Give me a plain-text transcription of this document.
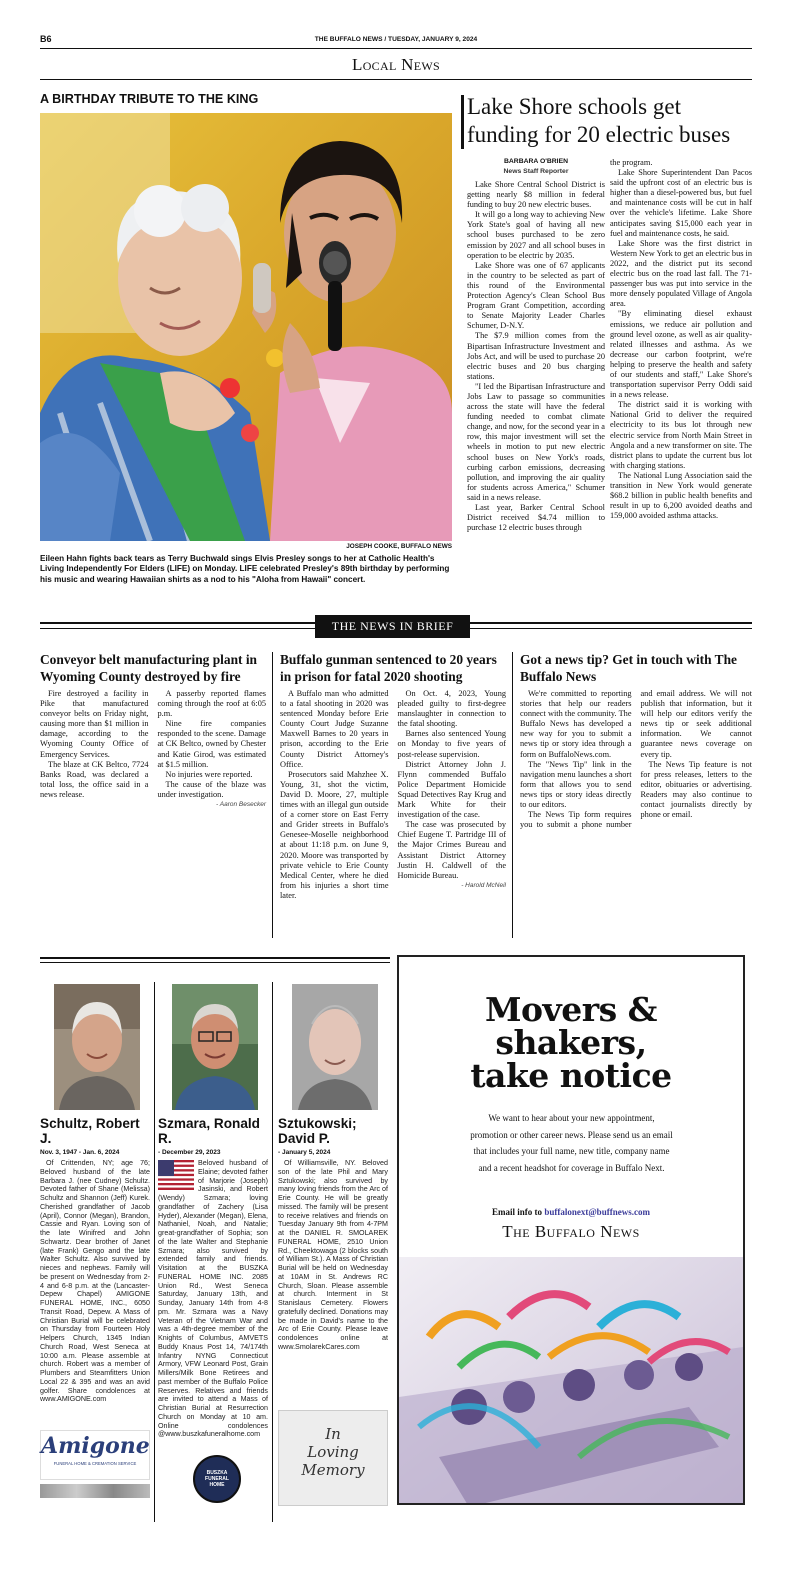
B6	THE BUFFALO NEWS / TUESDAY, JANUARY 9, 2024
Local News
A BIRTHDAY TRIBUTE TO THE KING
JOSEPH COOKE, BUFFALO NEWS
Eileen Hahn fights back tears as Terry Buchwald sings Elvis Presley songs to her at Catholic Health's Living Independently For Elders (LIFE) on Monday. LIFE celebrated Presley's 89th birthday by performing his music and wearing Hawaiian shirts as a nod to his "Aloha from Hawaii" concert.
Lake Shore schools get funding for 20 electric buses
BARBARA O'BRIEN
News Staff Reporter

Lake Shore Central School District is getting nearly $8 million in federal funding to buy 20 new electric buses.

It will go a long way to achieving New York State's goal of having all new school buses purchased to be zero emission by 2027 and all school buses in operation to be electric by 2035.

Lake Shore was one of 67 applicants in the country to be selected as part of this round of the Environmental Protection Agency's Clean School Bus Program Grant Competition, according to Senate Majority Leader Charles Schumer, D-N.Y.

The $7.9 million comes from the Bipartisan Infrastructure Investment and Jobs Act, and will be used to purchase 20 electric buses and 20 bus charging stations.

"I led the Bipartisan Infrastructure and Jobs Law to passage so communities across the state will have the federal funding needed to combat climate change, and now, for the second year in a row, this major investment will set the wheels in motion to put new electric school buses on New York's roads, curbing carbon emissions, decreasing pollution, and improving the air quality for students across America," Schumer said in a news release.

Last year, Barker Central School District received $4.74 million to purchase 12 electric buses through

the program.

Lake Shore Superintendent Dan Pacos said the upfront cost of an electric bus is higher than a diesel-powered bus, but fuel and maintenance costs will be cut in half over the vehicle's lifetime. Lake Shore anticipates saving $15,000 each year in fuel and maintenance costs, he said.

Lake Shore was the first district in Western New York to get an electric bus in 2022, and the district put its second electric bus on the road last fall. The 71-passenger bus was put into service in the more densely populated Village of Angola area.

"By eliminating diesel exhaust emissions, we reduce air pollution and ground level ozone, as well as air quality-related illnesses and asthma. As we decrease our carbon footprint, we're helping to preserve the health and safety of our students and staff," Lake Shore's transportation supervisor Perry Oddi said in a news release.

The district said it is working with National Grid to deliver the required electricity to its bus lot through new electric service from North Main Street in Angola and a new transformer on site. The district plans to update the current bus lot with charging stations.

The National Lung Association said the transition in New York would generate $68.2 billion in public health benefits and result in up to 6,200 avoided deaths and 159,000 avoided asthma attacks.

THE NEWS IN BRIEF
Conveyor belt manufacturing plant in Wyoming County destroyed by fire

Fire destroyed a facility in Pike that manufactured conveyor belts on Friday night, causing more than $1 million in damage, according to the Wyoming County Office of Emergency Services.

The blaze at CK Beltco, 7724 Banks Road, was declared a total loss, the office said in a news release.

A passerby reported flames coming through the roof at 6:05 p.m.

Nine fire companies responded to the scene. Damage at CK Beltco, owned by Chester and Katie Girod, was estimated at $1.5 million.

No injuries were reported.

The cause of the blaze was under investigation.

- Aaron Besecker
Buffalo gunman sentenced to 20 years in prison for fatal 2020 shooting

A Buffalo man who admitted to a fatal shooting in 2020 was sentenced Monday before Erie County Court Judge Suzanne Maxwell Barnes to 20 years in prison, according to the Erie County District Attorney's Office.

Prosecutors said Mahzhee X. Young, 31, shot the victim, David D. Moore, 27, multiple times with an illegal gun outside of a corner store on East Ferry and Grider streets in Buffalo's Genesee-Moselle neighborhood at about 11:18 p.m. on June 9, 2020. Moore was transported by private vehicle to Erie County Medical Center, where he died from his injuries a short time later.

On Oct. 4, 2023, Young pleaded guilty to first-degree manslaughter in connection to the fatal shooting.

Barnes also sentenced Young on Monday to five years of post-release supervision.

District Attorney John J. Flynn commended Buffalo Police Department Homicide Squad Detectives Ray Krug and Mark White for their investigation of the case.

The case was prosecuted by Chief Eugene T. Partridge III of the Major Crimes Bureau and Assistant District Attorney Justin H. Caldwell of the Homicide Bureau.

- Harold McNeil
Got a news tip? Get in touch with The Buffalo News

We're committed to reporting stories that help our readers connect with the community. The Buffalo News has developed a new way for you to submit a news tip or story idea through a form on BuffaloNews.com.

The "News Tip" link in the navigation menu launches a short form that allows you to send news tips or story ideas directly to our editors.

The News Tip form requires you to submit a phone number and email address. We will not publish that information, but it will help our editors verify the news tip or seek additional information. We cannot guarantee news coverage on every tip.

The News Tip feature is not for press releases, letters to the editor, obituaries or advertising. Readers may also continue to contact journalists directly by phone or email.

Schultz, Robert J.
Nov. 3, 1947 - Jan. 6, 2024
Of Crittenden, NY; age 76; Beloved husband of the late Barbara J. (nee Cudney) Schultz. Devoted father of Shane (Melissa) Schultz and Shannon (Jeff) Kurek. Cherished grandfather of Jacob (April), Connor (Megan), Brandon, Cassie and Ryan. Loving son of the late Winifred and John Schwartz. Dear brother of Janet (late Frank) Gengo and the late Walter Schultz. Also survived by nieces and nephews. Family will be present on Wednesday from 2-4 and 6-8 p.m. at the (Lancaster-Depew Chapel) AMIGONE FUNERAL HOME, INC., 6050 Transit Road, Depew. A Mass of Christian Burial will be celebrated on Thursday from Fourteen Holy Helpers Church, 1345 Indian Church Road, West Seneca at 10:00 a.m. Please assemble at church. Robert was a member of Plumbers and Steamfitters Union Local 22 & 395 and was an avid golfer. Share condolences at www.AMIGONE.com
Amigone
FUNERAL HOME & CREMATION SERVICE
Szmara, Ronald R.
- December 29, 2023
Beloved husband of Elaine; devoted father of Marjorie (Joseph) Jasinski, and Robert (Wendy) Szmara; loving grandfather of Zachery (Lisa Hyder), Alexander (Megan), Elena, Nathaniel, Noah, and Natalie; great-grandfather of Sophia; son of the late Walter and Stephanie Szmara; also survived by extended family and friends. Visitation at the BUSZKA FUNERAL HOME INC. 2085 Union Rd., West Seneca Saturday, January 13th, and Sunday, January 14th from 4-8 pm. Mr. Szmara was a Navy Veteran of the Vietnam War and was a 4th-degree member of the Knights of Columbus, AMVETS Buddy Knaus Post 14, 74/174th Infantry NYNG Connecticut Armory, VFW Leonard Post, Grain Millers/Milk Bone Retirees and past member of the Buffalo Police Reserves. Relatives and friends are invited to attend a Mass of Christian Burial at Resurrection Church on Monday at 10 am. Online condolences @www.buszkafuneralhome.com
BUSZKA FUNERAL HOME
Sztukowski; David P.
- January 5, 2024
Of Williamsville, NY. Beloved son of the late Phil and Mary Sztukowski; also survived by many loving friends from the Arc of Erie County. He will be greatly missed. The family will be present to receive relatives and friends on Tuesday January 9th from 4-7PM at the DANIEL R. SMOLAREK FUNERAL HOME, 2510 Union Rd., Cheektowaga (2 blocks south of William St.). A Mass of Christian Burial will be held on Wednesday at 10AM in St. Andrews RC Church, Sloan. Please assemble at church. Interment in St Stanislaus Cemetery. Flowers gratefully declined. Donations may be made in David's name to the Arc of Erie County. Please leave condolences online at www.SmolarekCares.com
In
Loving
Memory
Movers & shakers, take notice
We want to hear about your new appointment, promotion or other career news. Please send us an email that includes your full name, new title, company name and a recent headshot for coverage in Buffalo Next.
Email info to buffalonext@buffnews.com
The Buffalo News
